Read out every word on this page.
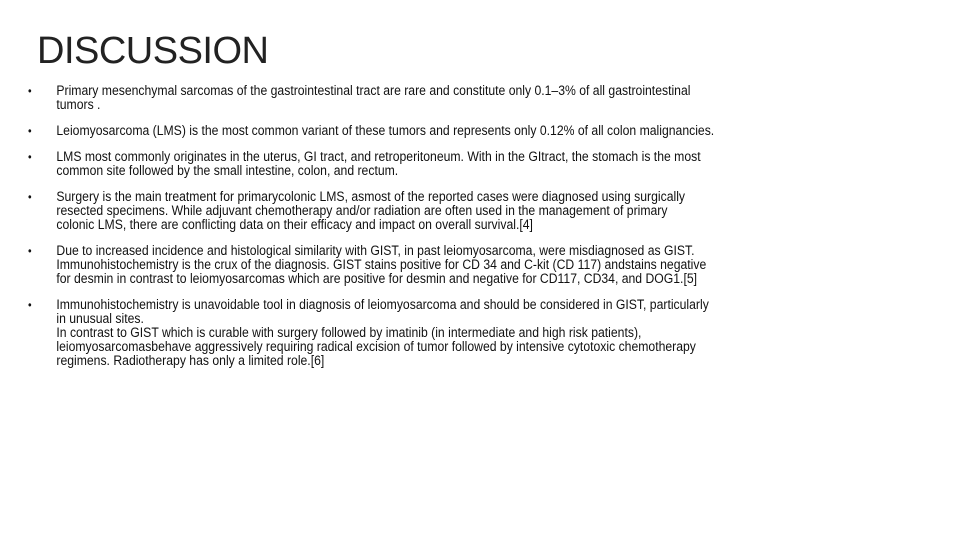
DISCUSSION
• Primary mesenchymal sarcomas of the gastrointestinal tract are rare and constitute only 0.1–3% of all gastrointestinal
tumors .
• Leiomyosarcoma (LMS) is the most common variant of these tumors and represents only 0.12% of all colon malignancies.
• LMS most commonly originates in the uterus, GI tract, and retroperitoneum. With in the GItract, the stomach is the most
common site followed by the small intestine, colon, and rectum.
• Surgery is the main treatment for primarycolonic LMS, asmost of the reported cases were diagnosed using surgically
resected specimens. While adjuvant chemotherapy and/or radiation are often used in the management of primary
colonic LMS, there are conflicting data on their efficacy and impact on overall survival.[4]
• Due to increased incidence and histological similarity with GIST, in past leiomyosarcoma, were misdiagnosed as GIST.
Immunohistochemistry is the crux of the diagnosis. GIST stains positive for CD 34 and C-kit (CD 117) andstains negative
for desmin in contrast to leiomyosarcomas which are positive for desmin and negative for CD117, CD34, and DOG1.[5]
• Immunohistochemistry is unavoidable tool in diagnosis of leiomyosarcoma and should be considered in GIST, particularly
in unusual sites.
In contrast to GIST which is curable with surgery followed by imatinib (in intermediate and high risk patients),
leiomyosarcomasbehave aggressively requiring radical excision of tumor followed by intensive cytotoxic chemotherapy
regimens. Radiotherapy has only a limited role.[6]
